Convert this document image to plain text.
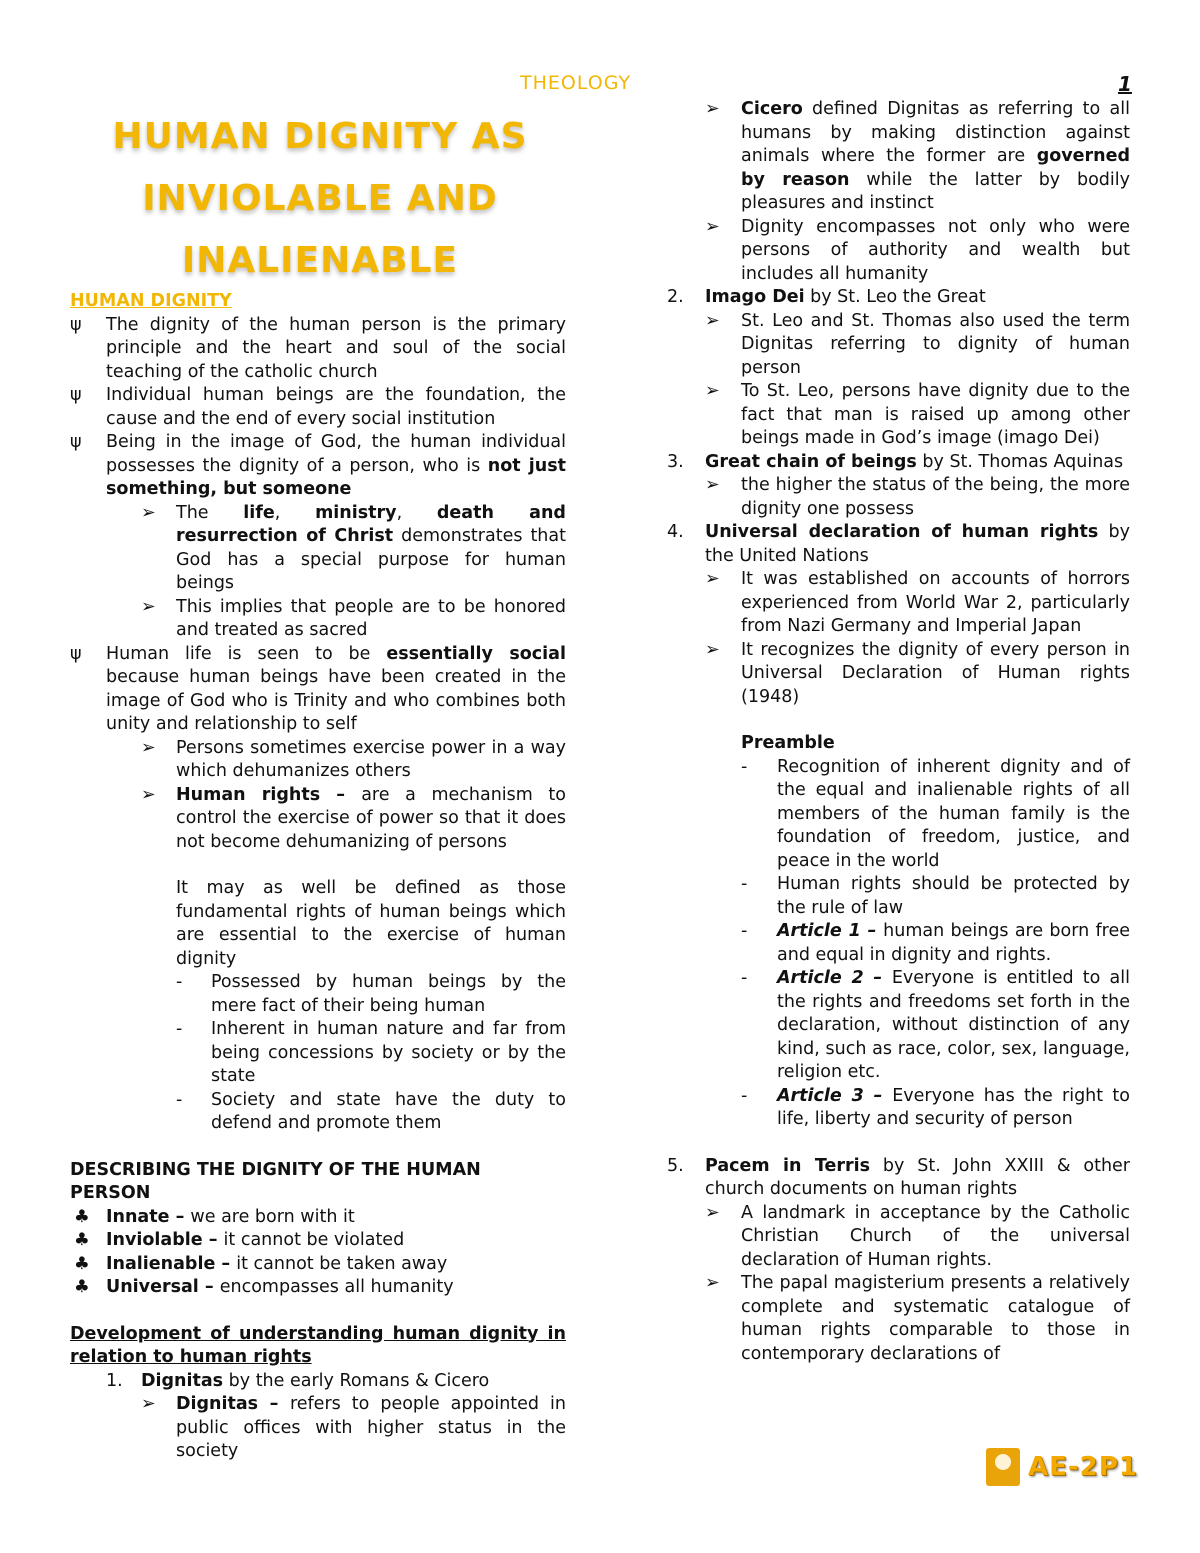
THEOLOGY	1
HUMAN DIGNITY AS
INVIOLABLE AND
INALIENABLE
HUMAN DIGNITY
ψ	The dignity of the human person is the primary principle and the heart and soul of the social teaching of the catholic church
ψ	Individual human beings are the foundation, the cause and the end of every social institution
ψ	Being in the image of God, the human individual possesses the dignity of a person, who is not just something, but someone
➢	The life, ministry, death and resurrection of Christ demonstrates that God has a special purpose for human beings
➢	This implies that people are to be honored and treated as sacred
ψ	Human life is seen to be essentially social because human beings have been created in the image of God who is Trinity and who combines both unity and relationship to self
➢	Persons sometimes exercise power in a way which dehumanizes others
➢	Human rights – are a mechanism to control the exercise of power so that it does not become dehumanizing of persons
It may as well be defined as those fundamental rights of human beings which are essential to the exercise of human dignity
-	Possessed by human beings by the mere fact of their being human
-	Inherent in human nature and far from being concessions by society or by the state
-	Society and state have the duty to defend and promote them
DESCRIBING THE DIGNITY OF THE HUMAN PERSON
♣ Innate – we are born with it
♣ Inviolable – it cannot be violated
♣ Inalienable – it cannot be taken away
♣ Universal – encompasses all humanity
Development of understanding human dignity in relation to human rights
1.	Dignitas by the early Romans & Cicero
➢	Dignitas – refers to people appointed in public offices with higher status in the society
➢	Cicero defined Dignitas as referring to all humans by making distinction against animals where the former are governed by reason while the latter by bodily pleasures and instinct
➢	Dignity encompasses not only who were persons of authority and wealth but includes all humanity
2.	Imago Dei by St. Leo the Great
➢	St. Leo and St. Thomas also used the term Dignitas referring to dignity of human person
➢	To St. Leo, persons have dignity due to the fact that man is raised up among other beings made in God’s image (imago Dei)
3.	Great chain of beings by St. Thomas Aquinas
➢	the higher the status of the being, the more dignity one possess
4.	Universal declaration of human rights by the United Nations
➢	It was established on accounts of horrors experienced from World War 2, particularly from Nazi Germany and Imperial Japan
➢	It recognizes the dignity of every person in Universal Declaration of Human rights (1948)
Preamble
-	Recognition of inherent dignity and of the equal and inalienable rights of all members of the human family is the foundation of freedom, justice, and peace in the world
-	Human rights should be protected by the rule of law
-	Article 1 – human beings are born free and equal in dignity and rights.
-	Article 2 – Everyone is entitled to all the rights and freedoms set forth in the declaration, without distinction of any kind, such as race, color, sex, language, religion etc.
-	Article 3 – Everyone has the right to life, liberty and security of person
5.	Pacem in Terris by St. John XXIII & other church documents on human rights
➢	A landmark in acceptance by the Catholic Christian Church of the universal declaration of Human rights.
➢	The papal magisterium presents a relatively complete and systematic catalogue of human rights comparable to those in contemporary declarations of
AE-2P1
